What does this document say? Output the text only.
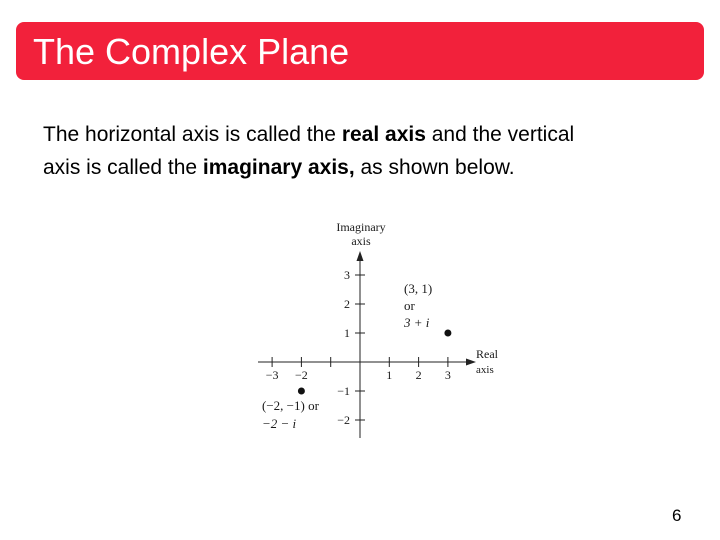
The Complex Plane
The horizontal axis is called the real axis and the vertical
axis is called the imaginary axis, as shown below.
−3 −2	1 2 3
3
2
1
−1
−2
Imaginary
axis
Real
axis
(3, 1)
or
3 + i
(−2, −1) or
−2 − i
6
